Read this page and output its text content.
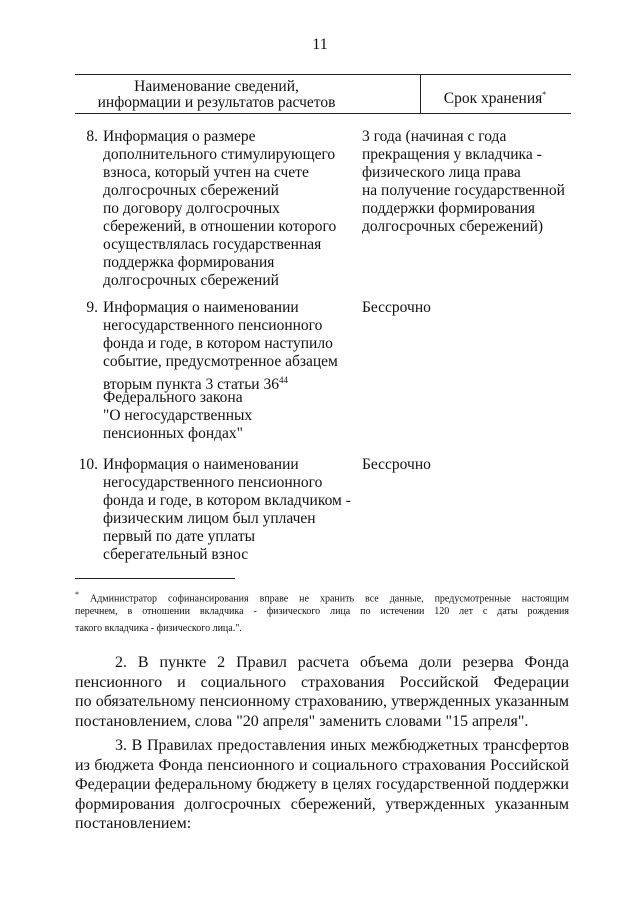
11
Наименование сведений,
информации и результатов расчетов	Срок хранения*
8. Информация о размере
дополнительного стимулирующего
взноса, который учтен на счете
долгосрочных сбережений
по договору долгосрочных
сбережений, в отношении которого
осуществлялась государственная
поддержка формирования
долгосрочных сбережений
3 года (начиная с года
прекращения у вкладчика -
физического лица права
на получение государственной
поддержки формирования
долгосрочных сбережений)
9. Информация о наименовании
негосударственного пенсионного
фонда и годе, в котором наступило
событие, предусмотренное абзацем
вторым пункта 3 статьи $36^{44}$
Федерального закона
"О негосударственных
пенсионных фондах"
Бессрочно
10. Информация о наименовании
негосударственного пенсионного
фонда и годе, в котором вкладчиком -
физическим лицом был уплачен
первый по дате уплаты
сберегательный взнос
Бессрочно
* Администратор софинансирования вправе не хранить все данные, предусмотренные настоящим
перечнем, в отношении вкладчика - физического лица по истечении 120 лет с даты рождения
такого вкладчика - физического лица.".
2. В пункте 2 Правил расчета объема доли резерва Фонда
пенсионного и социального страхования Российской Федерации
по обязательному пенсионному страхованию, утвержденных указанным
постановлением, слова "20 апреля" заменить словами "15 апреля".
3. В Правилах предоставления иных межбюджетных трансфертов
из бюджета Фонда пенсионного и социального страхования Российской
Федерации федеральному бюджету в целях государственной поддержки
формирования долгосрочных сбережений, утвержденных указанным
постановлением:
